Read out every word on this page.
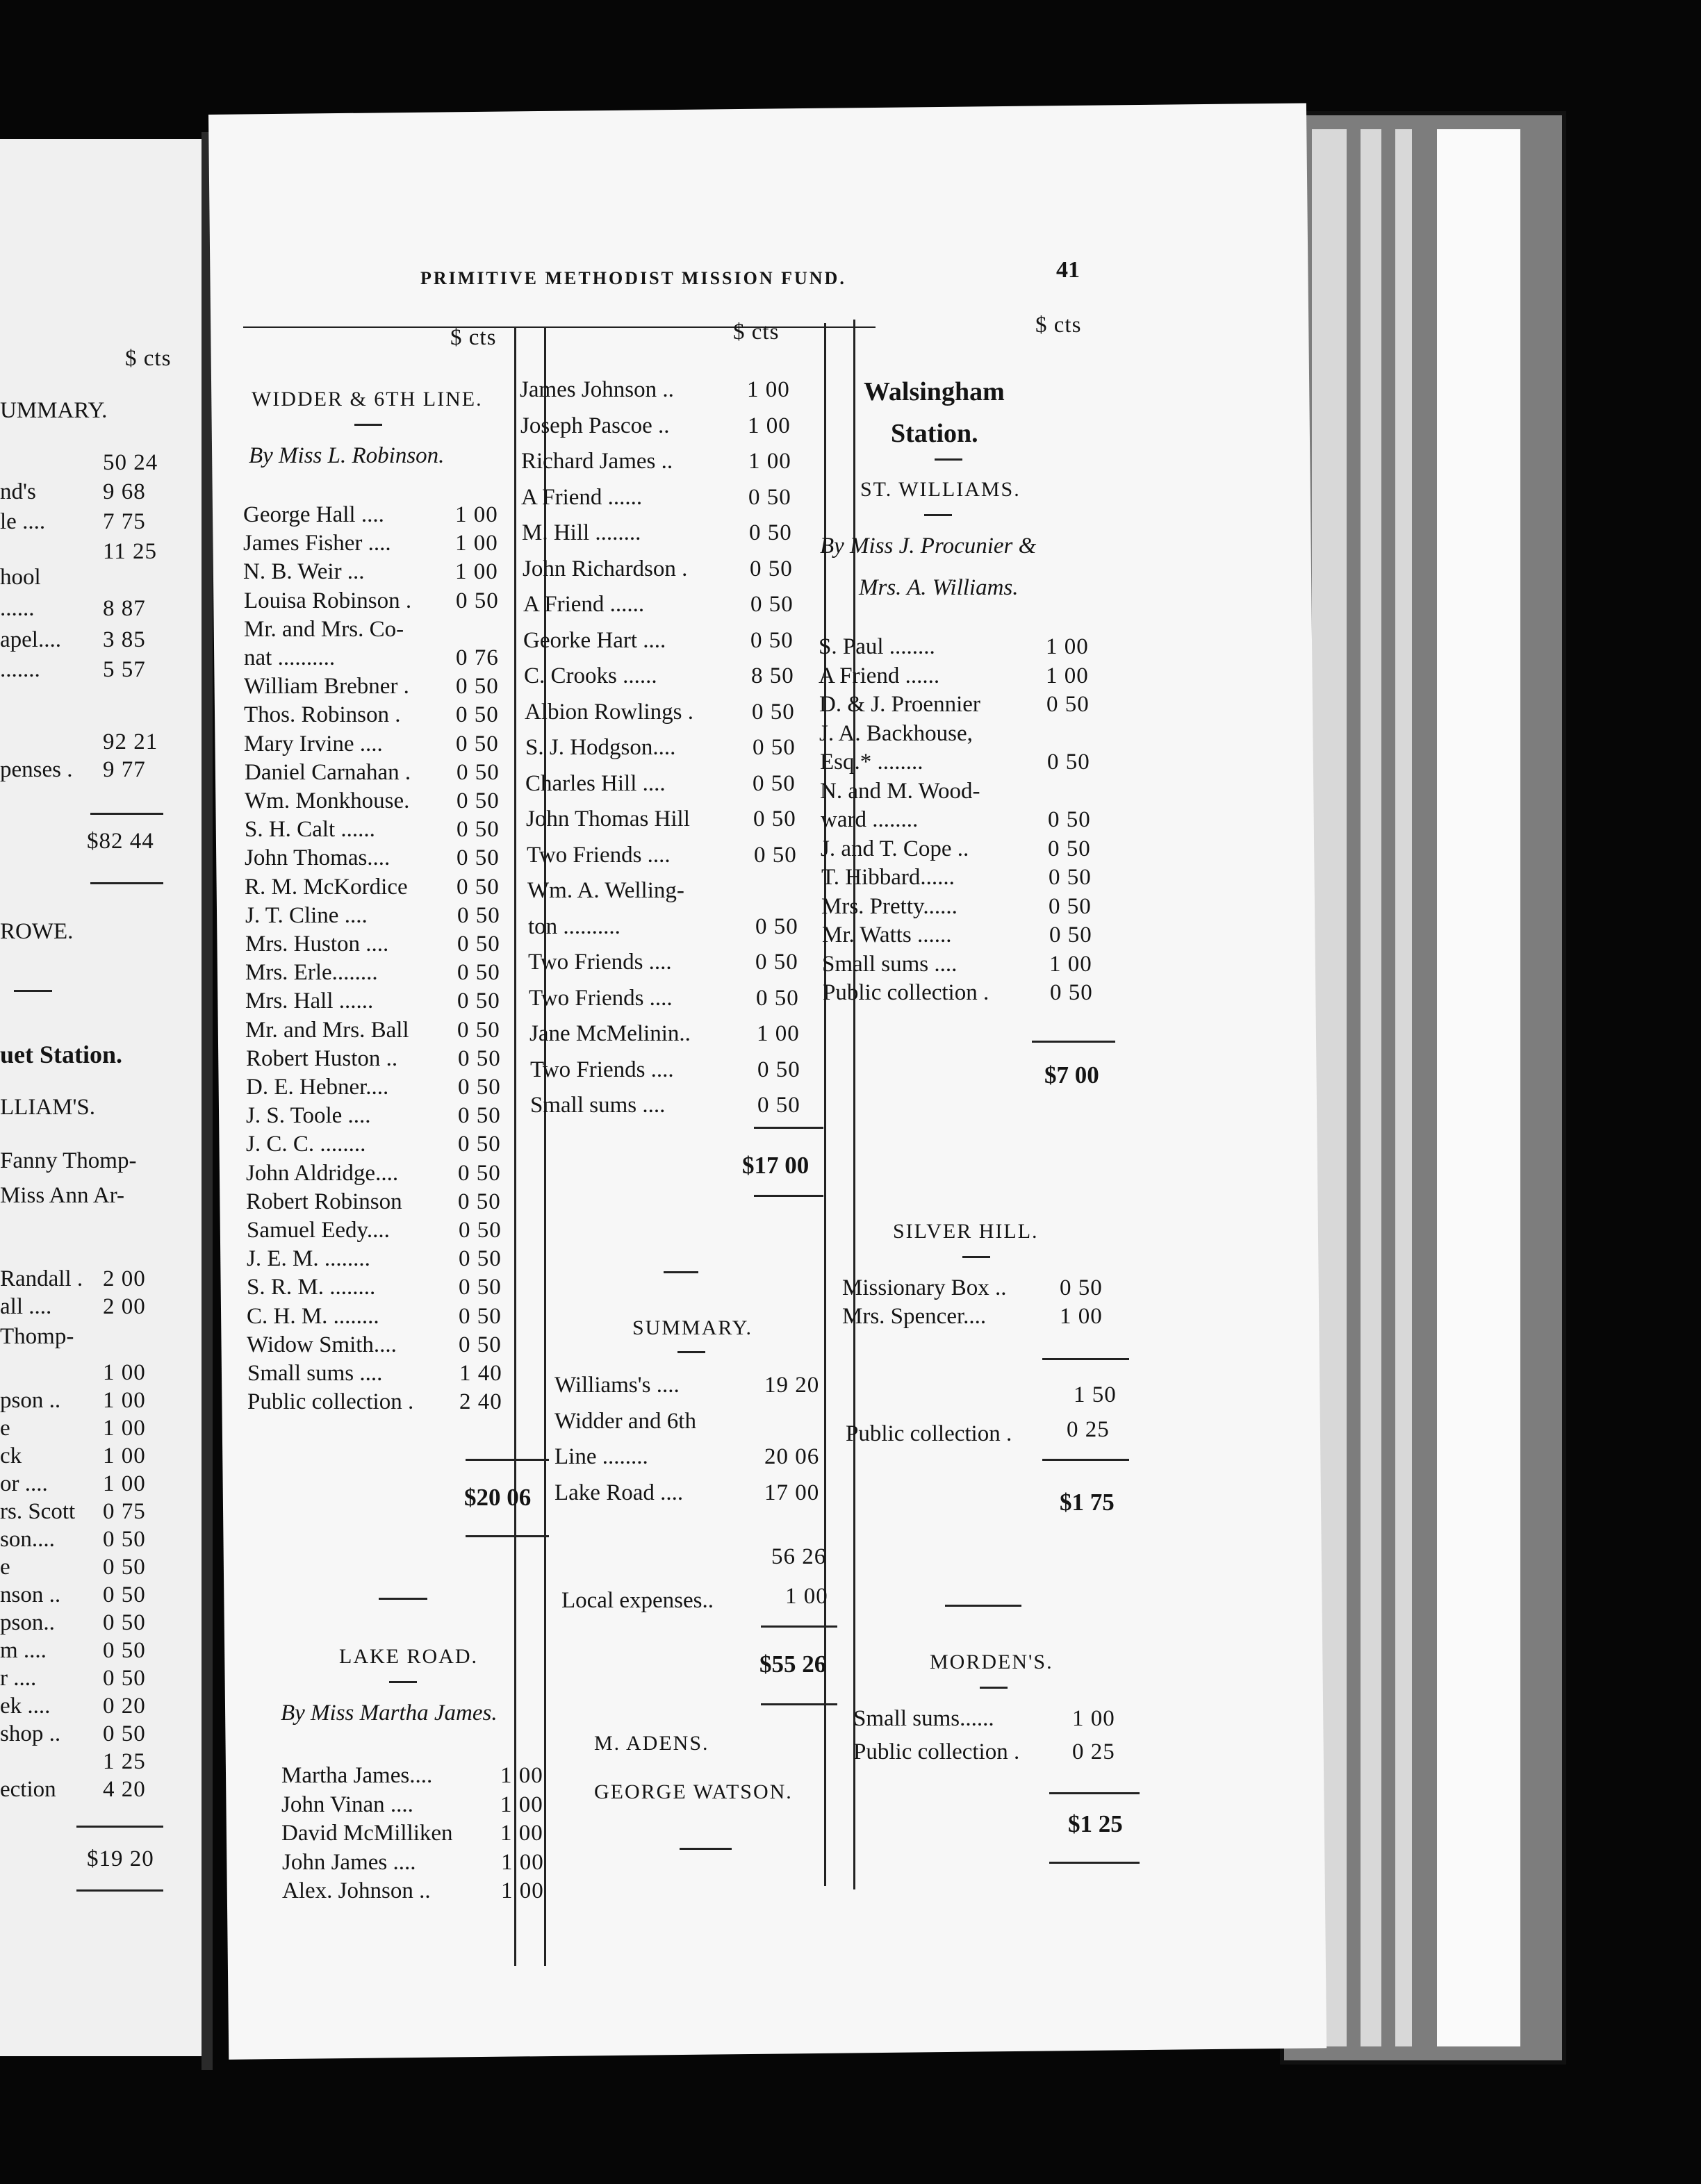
PRIMITIVE METHODIST MISSION FUND.	41
$ cts
UMMARY.
50 24
nd's	9 68
le ....	7 75
11 25
hool
......	8 87
apel.... 3 85
.......	5 57
92 21
penses . 9 77
$82 44
ROWE.
uet Station.
LLIAM'S.
Fanny Thomp-
Miss Ann Ar-
Randall . 2 00
all .... 2 00
Thomp-
1 00
pson .. 1 00
e	1 00
ck	1 00
or .... 1 00
rs. Scott 0 75
son.... 0 50
e	0 50
nson .. 0 50
pson.. 0 50
m .... 0 50
r ....	0 50
ek .... 0 20
shop .. 0 50
1 25
ection 4 20
$19 20
$ cts
WIDDER & 6TH LINE.
By Miss L. Robinson.
George Hall ....	1 00
James Fisher ....	1 00
N. B. Weir ...	1 00
Louisa Robinson . 0 50
Mr. and Mrs. Co-
nat ..........	0 76
William Brebner . 0 50
Thos. Robinson . 0 50
Mary Irvine ....	0 50
Daniel Carnahan . 0 50
Wm. Monkhouse. 0 50
S. H. Calt ......	0 50
John Thomas....	0 50
R. M. McKordice 0 50
J. T. Cline ....	0 50
Mrs. Huston ....	0 50
Mrs. Erle........	0 50
Mrs. Hall ......	0 50
Mr. and Mrs. Ball 0 50
Robert Huston ..	0 50
D. E. Hebner....	0 50
J. S. Toole ....	0 50
J. C. C. ........	0 50
John Aldridge....	0 50
Robert Robinson 0 50
Samuel Eedy....	0 50
J. E. M. ........	0 50
S. R. M. ........	0 50
C. H. M. ........	0 50
Widow Smith....	0 50
Small sums ....	1 40
Public collection . 2 40
$20 06
LAKE ROAD.
By Miss Martha James.
Martha James....	1 00
John Vinan ....	1 00
David McMilliken 1 00
John James ....	1 00
Alex. Johnson ..	1 00
$ cts
James Johnson ..	1 00
Joseph Pascoe ..	1 00
Richard James ..	1 00
A Friend ......	0 50
M. Hill ........	0 50
John Richardson .	0 50
A Friend ......	0 50
Georke Hart ....	0 50
C. Crooks ......	8 50
Albion Rowlings .	0 50
S. J. Hodgson....	0 50
Charles Hill ....	0 50
John Thomas Hill	0 50
Two Friends ....	0 50
Wm. A. Welling-
ton ..........	0 50
Two Friends ....	0 50
Two Friends ....	0 50
Jane McMelinin..	1 00
Two Friends ....	0 50
Small sums ....	0 50
$17 00
SUMMARY.
Williams's ....	19 20
Widder and 6th
Line ........	20 06
Lake Road ....	17 00
56 26
Local expenses..	1 00
$55 26
M. ADENS.
GEORGE WATSON.
$ cts
Walsingham
Station.
ST. WILLIAMS.
By Miss J. Procunier &
Mrs. A. Williams.
S. Paul ........	1 00
A Friend ......	1 00
D. & J. Proennier	0 50
J. A. Backhouse,
Esq.* ........	0 50
N. and M. Wood-
ward ........	0 50
J. and T. Cope ..	0 50
T. Hibbard......	0 50
Mrs. Pretty......	0 50
Mr. Watts ......	0 50
Small sums ....	1 00
Public collection .	0 50
$7 00
SILVER HILL.
Missionary Box .. 0 50
Mrs. Spencer....	1 00
1 50
Public collection . 0 25
$1 75
MORDEN'S.
Small sums......	1 00
Public collection . 0 25
$1 25
